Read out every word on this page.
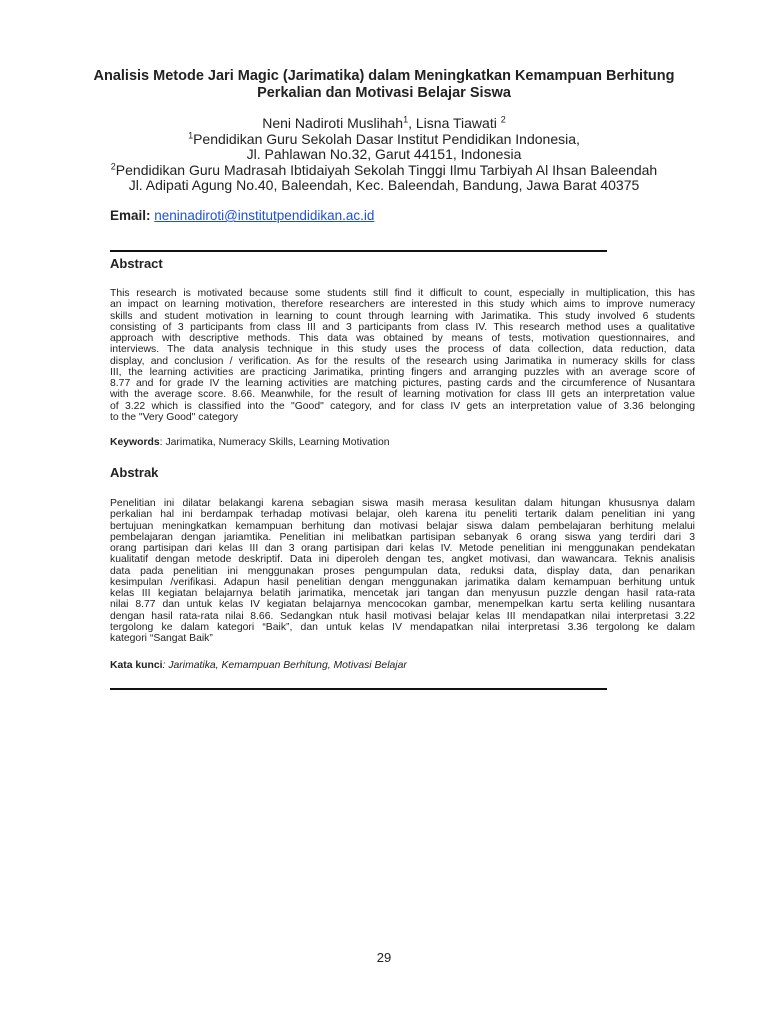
Analisis Metode Jari Magic (Jarimatika) dalam Meningkatkan Kemampuan Berhitung
Perkalian dan Motivasi Belajar Siswa
Neni Nadiroti Muslihah$^1$, Lisna Tiawati $^2$
$^1$Pendidikan Guru Sekolah Dasar Institut Pendidikan Indonesia,
Jl. Pahlawan No.32, Garut 44151, Indonesia
$^2$Pendidikan Guru Madrasah Ibtidaiyah Sekolah Tinggi Ilmu Tarbiyah Al Ihsan Baleendah
Jl. Adipati Agung No.40, Baleendah, Kec. Baleendah, Bandung, Jawa Barat 40375
Email: neninadiroti@institutpendidikan.ac.id
Abstract
This research is motivated because some students still find it difficult to count, especially in multiplication, this has
an impact on learning motivation, therefore researchers are interested in this study which aims to improve numeracy
skills and student motivation in learning to count through learning with Jarimatika. This study involved 6 students
consisting of 3 participants from class III and 3 participants from class IV. This research method uses a qualitative
approach with descriptive methods. This data was obtained by means of tests, motivation questionnaires, and
interviews. The data analysis technique in this study uses the process of data collection, data reduction, data
display, and conclusion / verification. As for the results of the research using Jarimatika in numeracy skills for class
III, the learning activities are practicing Jarimatika, printing fingers and arranging puzzles with an average score of
8.77 and for grade IV the learning activities are matching pictures, pasting cards and the circumference of Nusantara
with the average score. 8.66. Meanwhile, for the result of learning motivation for class III gets an interpretation value
of 3.22 which is classified into the "Good" category, and for class IV gets an interpretation value of 3.36 belonging
to the "Very Good" category
Keywords: Jarimatika, Numeracy Skills, Learning Motivation
Abstrak
Penelitian ini dilatar belakangi karena sebagian siswa masih merasa kesulitan dalam hitungan khususnya dalam
perkalian hal ini berdampak terhadap motivasi belajar, oleh karena itu peneliti tertarik dalam penelitian ini yang
bertujuan meningkatkan kemampuan berhitung dan motivasi belajar siswa dalam pembelajaran berhitung melalui
pembelajaran dengan jariamtika. Penelitian ini melibatkan partisipan sebanyak 6 orang siswa yang terdiri dari 3
orang partisipan dari kelas III dan 3 orang partisipan dari kelas IV. Metode penelitian ini menggunakan pendekatan
kualitatif dengan metode deskriptif. Data ini diperoleh dengan tes, angket motivasi, dan wawancara. Teknis analisis
data pada penelitian ini menggunakan proses pengumpulan data, reduksi data, display data, dan penarikan
kesimpulan /verifikasi. Adapun hasil penelitian dengan menggunakan jarimatika dalam kemampuan berhitung untuk
kelas III kegiatan belajarnya belatih jarimatika, mencetak jari tangan dan menyusun puzzle dengan hasil rata-rata
nilai 8.77 dan untuk kelas IV kegiatan belajarnya mencocokan gambar, menempelkan kartu serta keliling nusantara
dengan hasil rata-rata nilai 8.66. Sedangkan ntuk hasil motivasi belajar kelas III mendapatkan nilai interpretasi 3.22
tergolong ke dalam kategori “Baik”, dan untuk kelas IV mendapatkan nilai interpretasi 3.36 tergolong ke dalam
kategori “Sangat Baik”
Kata kunci: Jarimatika, Kemampuan Berhitung, Motivasi Belajar
29
